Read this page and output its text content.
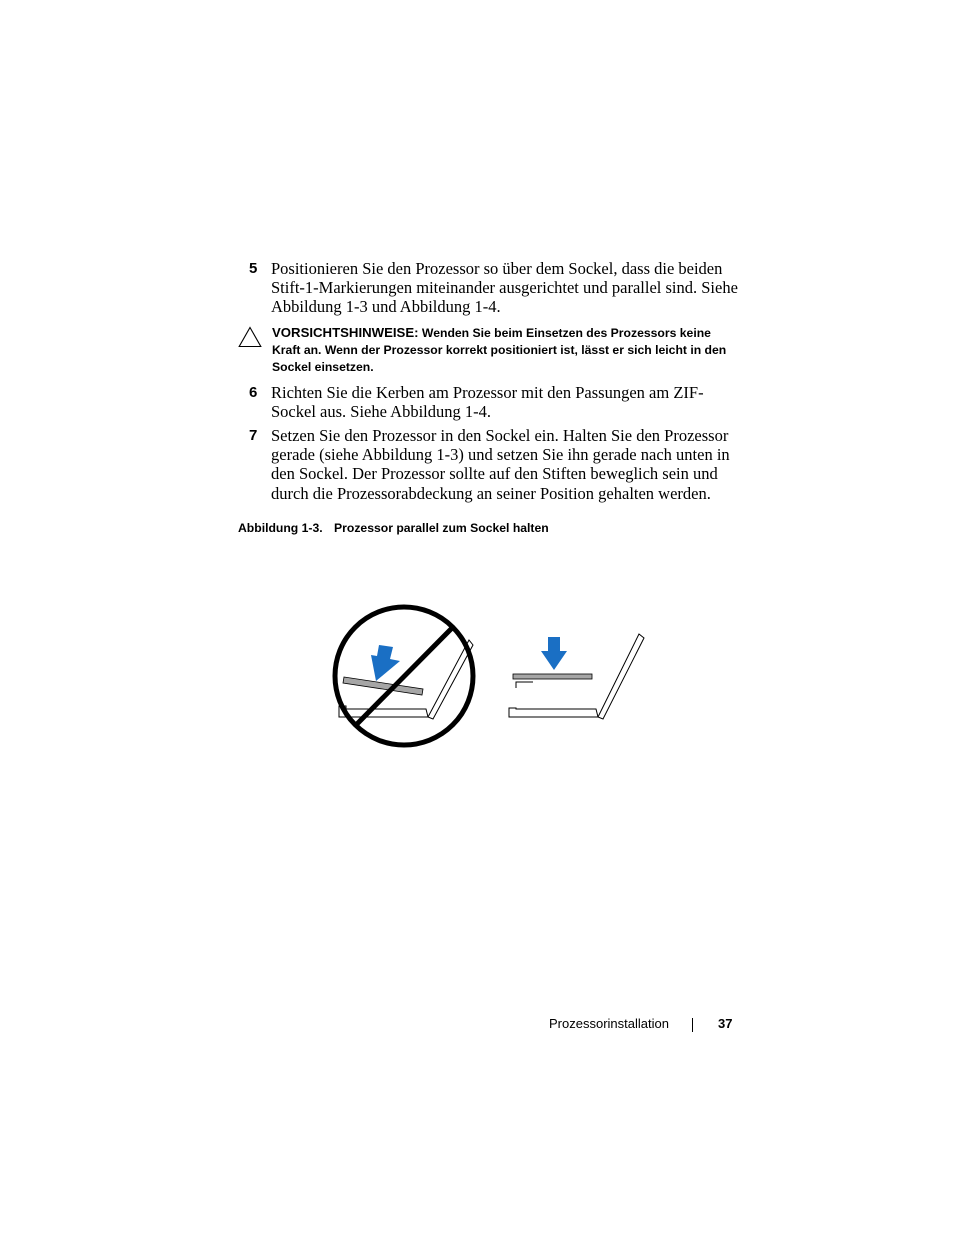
5 Positionieren Sie den Prozessor so über dem Sockel, dass die beiden Stift-1-Markierungen miteinander ausgerichtet und parallel sind. Siehe Abbildung 1-3 und Abbildung 1-4.
VORSICHTSHINWEISE: Wenden Sie beim Einsetzen des Prozessors keine Kraft an. Wenn der Prozessor korrekt positioniert ist, lässt er sich leicht in den Sockel einsetzen.
6 Richten Sie die Kerben am Prozessor mit den Passungen am ZIF-Sockel aus. Siehe Abbildung 1-4.
7 Setzen Sie den Prozessor in den Sockel ein. Halten Sie den Prozessor gerade (siehe Abbildung 1-3) und setzen Sie ihn gerade nach unten in den Sockel. Der Prozessor sollte auf den Stiften beweglich sein und durch die Prozessorabdeckung an seiner Position gehalten werden.
Abbildung 1-3. Prozessor parallel zum Sockel halten
Prozessorinstallation	37
